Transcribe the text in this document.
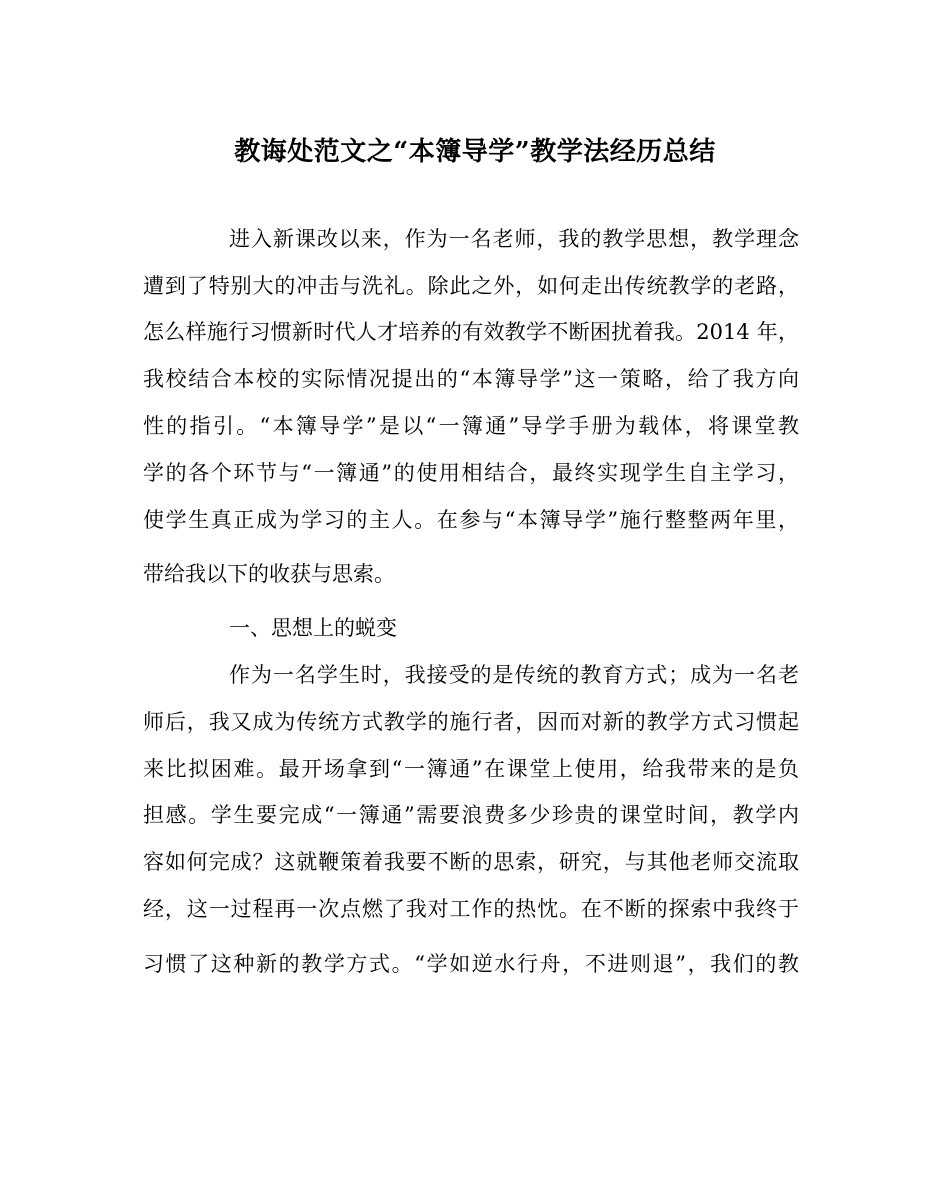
教诲处范文之“本簿导学”教学法经历总结
进入新课改以来，作为一名老师，我的教学思想，教学理念
遭到了特别大的冲击与洗礼。除此之外，如何走出传统教学的老路，
怎么样施行习惯新时代人才培养的有效教学不断困扰着我。2014 年，
我校结合本校的实际情况提出的“本簿导学”这一策略，给了我方向
性的指引。“本簿导学”是以“一簿通”导学手册为载体，将课堂教
学的各个环节与“一簿通”的使用相结合，最终实现学生自主学习，
使学生真正成为学习的主人。在参与“本簿导学”施行整整两年里，
带给我以下的收获与思索。
一、思想上的蜕变
作为一名学生时，我接受的是传统的教育方式；成为一名老
师后，我又成为传统方式教学的施行者，因而对新的教学方式习惯起
来比拟困难。最开场拿到“一簿通”在课堂上使用，给我带来的是负
担感。学生要完成“一簿通”需要浪费多少珍贵的课堂时间，教学内
容如何完成？这就鞭策着我要不断的思索，研究，与其他老师交流取
经，这一过程再一次点燃了我对工作的热忱。在不断的探索中我终于
习惯了这种新的教学方式。“学如逆水行舟，不进则退”，我们的教
